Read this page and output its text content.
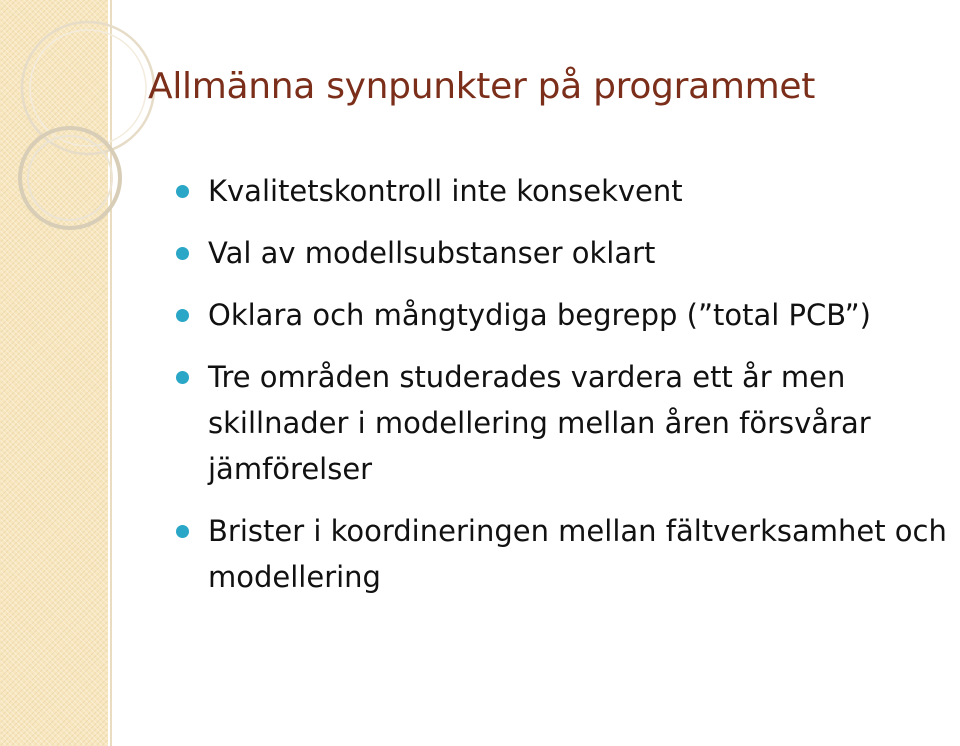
Allmänna synpunkter på programmet
Kvalitetskontroll inte konsekvent
Val av modellsubstanser oklart
Oklara och mångtydiga begrepp (”total PCB”)
Tre områden studerades vardera ett år men skillnader i modellering mellan åren försvårar jämförelser
Brister i koordineringen mellan fältverksamhet och modellering
